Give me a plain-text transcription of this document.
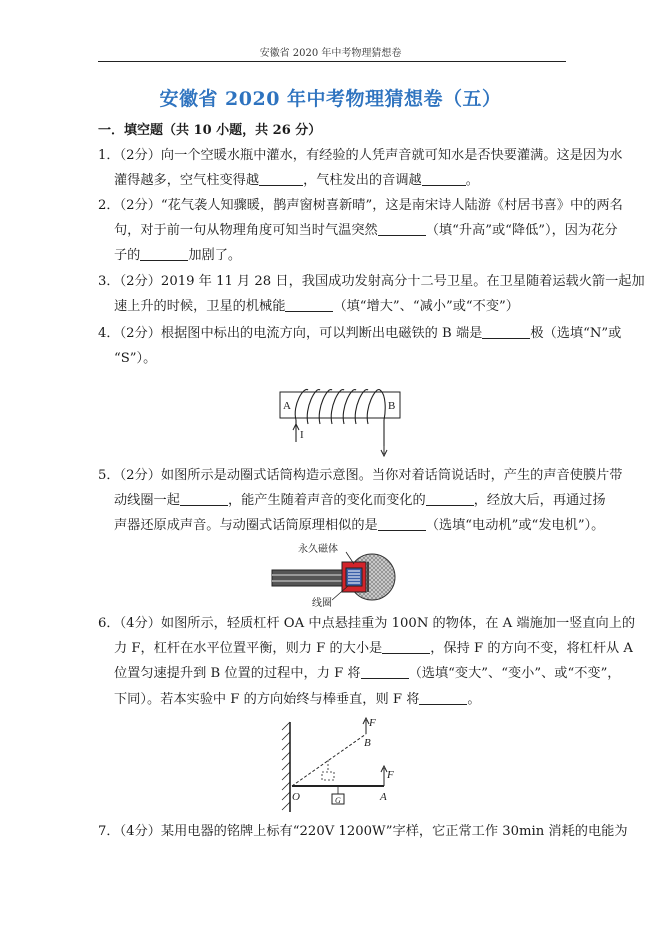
安徽省 2020 年中考物理猜想卷
安徽省 2020 年中考物理猜想卷（五）
一．填空题（共 10 小题，共 26 分）
1．（2分）向一个空暖水瓶中灌水，有经验的人凭声音就可知水是否快要灌满。这是因为水
灌得越多，空气柱变得越	，气柱发出的音调越	。
2．（2分）“花气袭人知骤暖，鹊声窗树喜新晴”，这是南宋诗人陆游《村居书喜》中的两名
句，对于前一句从物理角度可知当时气温突然	（填“升高”或“降低”），因为花分
子的	加剧了。
3．（2分）2019 年 11 月 28 日，我国成功发射高分十二号卫星。在卫星随着运载火箭一起加
速上升的时候，卫星的机械能	（填“增大”、“减小”或“不变”）
4．（2分）根据图中标出的电流方向，可以判断出电磁铁的 B 端是	极（选填“N”或
“S”）。
A	B
I
5．（2分）如图所示是动圈式话筒构造示意图。当你对着话筒说话时，产生的声音使膜片带
动线圈一起	，能产生随着声音的变化而变化的	，经放大后，再通过扬
声器还原成声音。与动圈式话筒原理相似的是	（选填“电动机”或“发电机”）。
永久磁体
线圈
6．（4分）如图所示，轻质杠杆 OA 中点悬挂重为 100N 的物体，在 A 端施加一竖直向上的
力 F，杠杆在水平位置平衡，则力 F 的大小是	，保持 F 的方向不变，将杠杆从 A
位置匀速提升到 B 位置的过程中，力 F 将	（选填“变大”、“变小”、或“不变”，
下同）。若本实验中 F 的方向始终与棒垂直，则 F 将	。
F
B
F
O	A
G
7．（4分）某用电器的铭牌上标有“220V 1200W”字样，它正常工作 30min 消耗的电能为
